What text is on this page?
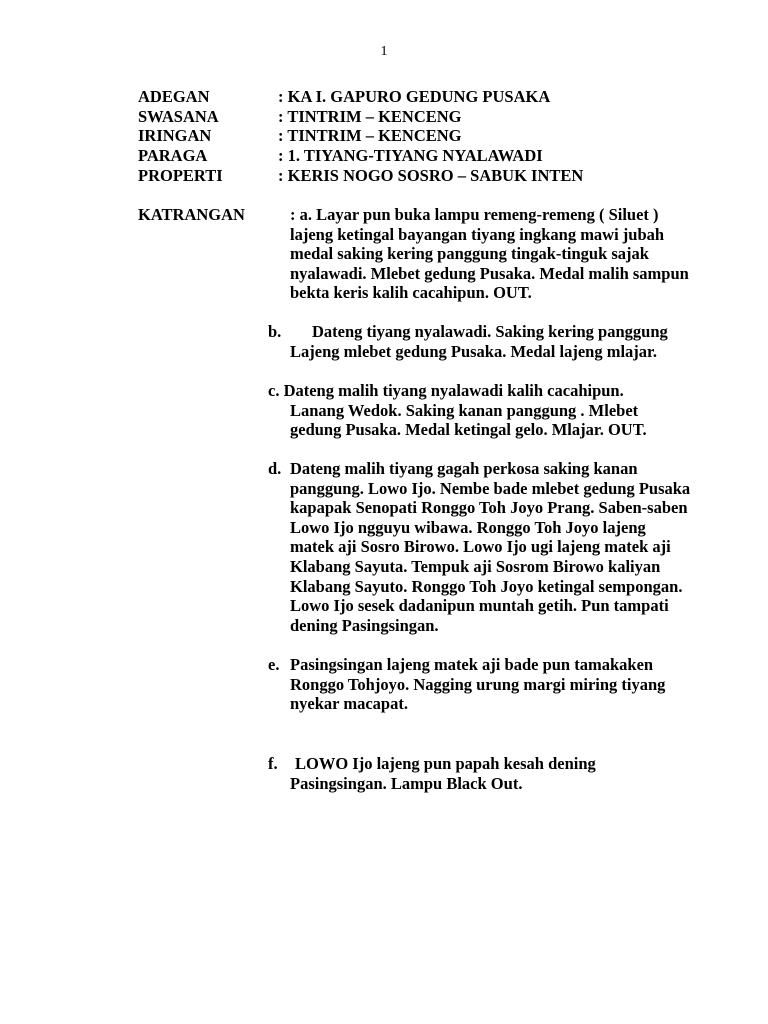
1
ADEGAN	: KA I. GAPURO GEDUNG PUSAKA
SWASANA	: TINTRIM – KENCENG
IRINGAN	: TINTRIM – KENCENG
PARAGA	: 1. TIYANG-TIYANG NYALAWADI
PROPERTI	: KERIS NOGO SOSRO – SABUK INTEN
KATRANGAN	: a. Layar pun buka lampu remeng-remeng ( Siluet )
lajeng ketingal bayangan tiyang ingkang mawi jubah
medal saking kering panggung tingak-tinguk sajak
nyalawadi. Mlebet gedung Pusaka. Medal malih sampun
bekta keris kalih cacahipun. OUT.
b. Dateng tiyang nyalawadi. Saking kering panggung
Lajeng mlebet gedung Pusaka. Medal lajeng mlajar.
c. Dateng malih tiyang nyalawadi kalih cacahipun.
Lanang Wedok. Saking kanan panggung . Mlebet
gedung Pusaka. Medal ketingal gelo. Mlajar. OUT.
d. Dateng malih tiyang gagah perkosa saking kanan
panggung. Lowo Ijo. Nembe bade mlebet gedung Pusaka
kapapak Senopati Ronggo Toh Joyo Prang. Saben-saben
Lowo Ijo ngguyu wibawa. Ronggo Toh Joyo lajeng
matek aji Sosro Birowo. Lowo Ijo ugi lajeng matek aji
Klabang Sayuta. Tempuk aji Sosrom Birowo kaliyan
Klabang Sayuto. Ronggo Toh Joyo ketingal sempongan.
Lowo Ijo sesek dadanipun muntah getih. Pun tampati
dening Pasingsingan.
e. Pasingsingan lajeng matek aji bade pun tamakaken
Ronggo Tohjoyo. Nagging urung margi miring tiyang
nyekar macapat.
f. LOWO Ijo lajeng pun papah kesah dening
Pasingsingan. Lampu Black Out.
